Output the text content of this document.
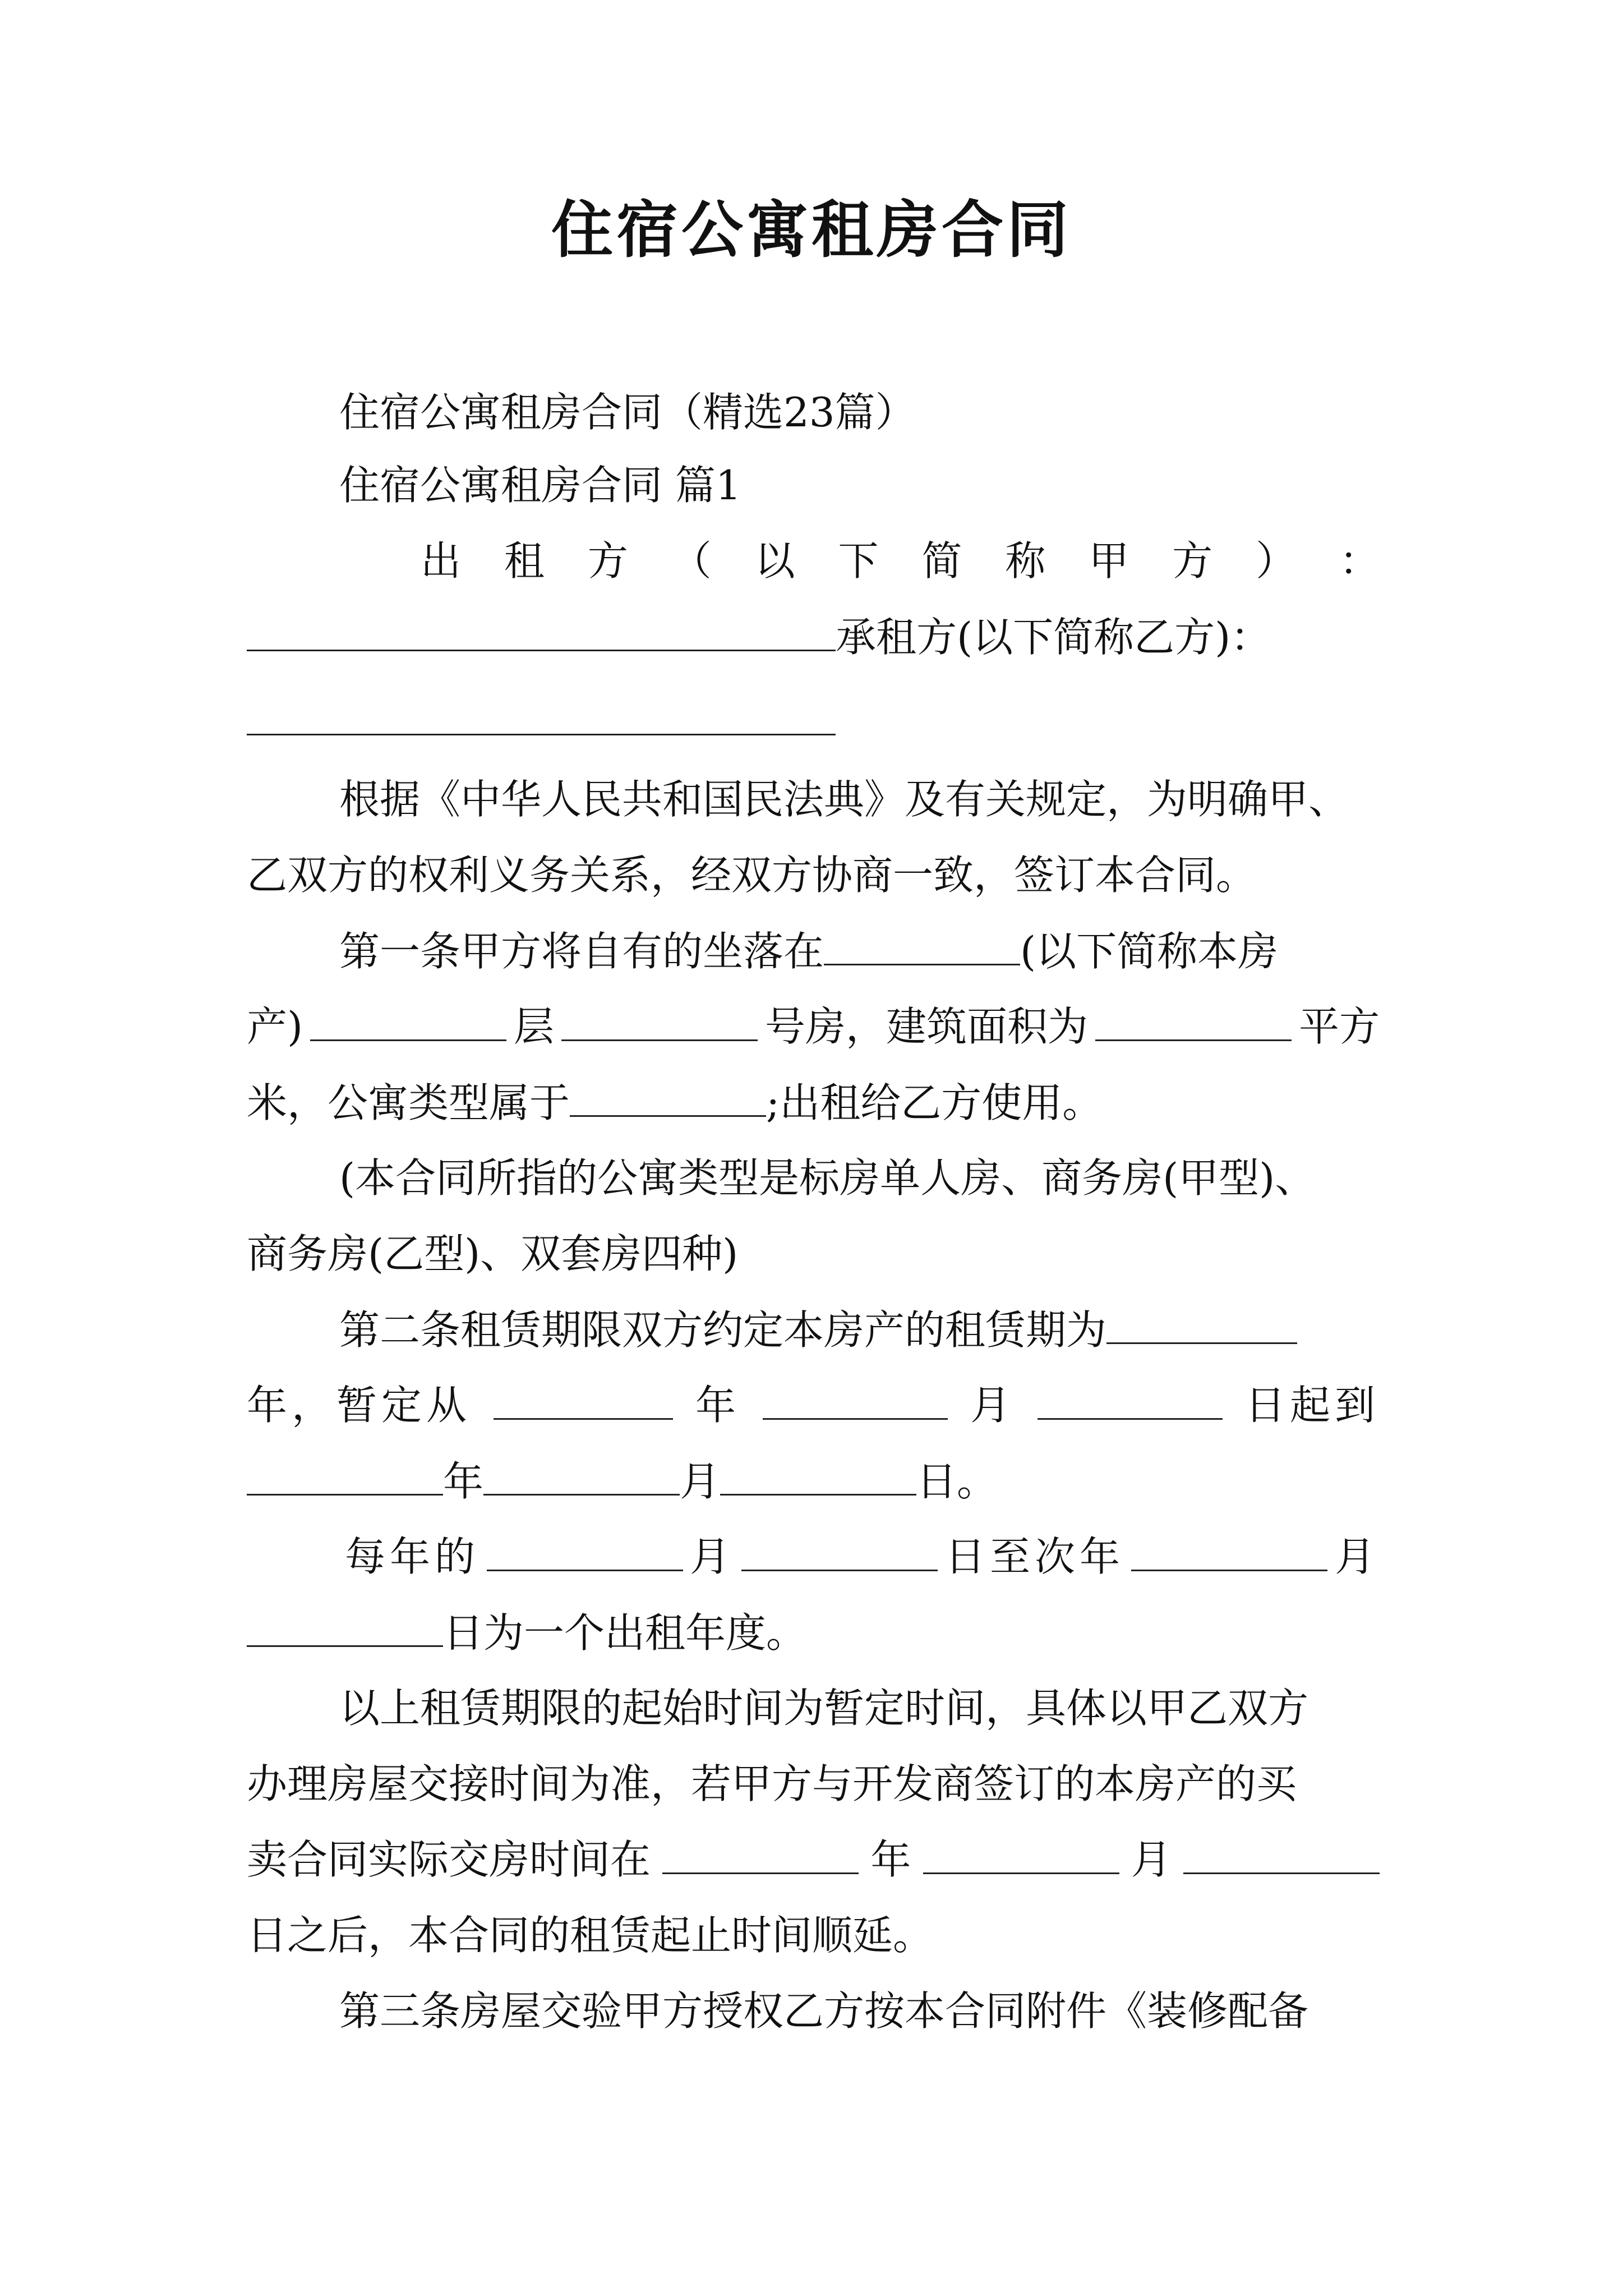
住宿公寓租房合同
住宿公寓租房合同（精选23篇）
住宿公寓租房合同 篇1
出 租 方 （ 以 下 简 称 甲 方 ） ：
承租方(以下简称乙方)：
根据《中华人民共和国民法典》及有关规定，为明确甲、
乙双方的权利义务关系，经双方协商一致，签订本合同。
第一条甲方将自有的坐落在	(以下简称本房
产)	层	号房，建筑面积为	平方
米，公寓类型属于	;出租给乙方使用。
(本合同所指的公寓类型是标房单人房、商务房(甲型)、
商务房(乙型)、双套房四种)
第二条租赁期限双方约定本房产的租赁期为
年，暂定从	年	月	日起到
年	月	日。
每年的	月	日至次年	月
日为一个出租年度。
以上租赁期限的起始时间为暂定时间，具体以甲乙双方
办理房屋交接时间为准，若甲方与开发商签订的本房产的买
卖合同实际交房时间在	年	月
日之后，本合同的租赁起止时间顺延。
第三条房屋交验甲方授权乙方按本合同附件《装修配备
